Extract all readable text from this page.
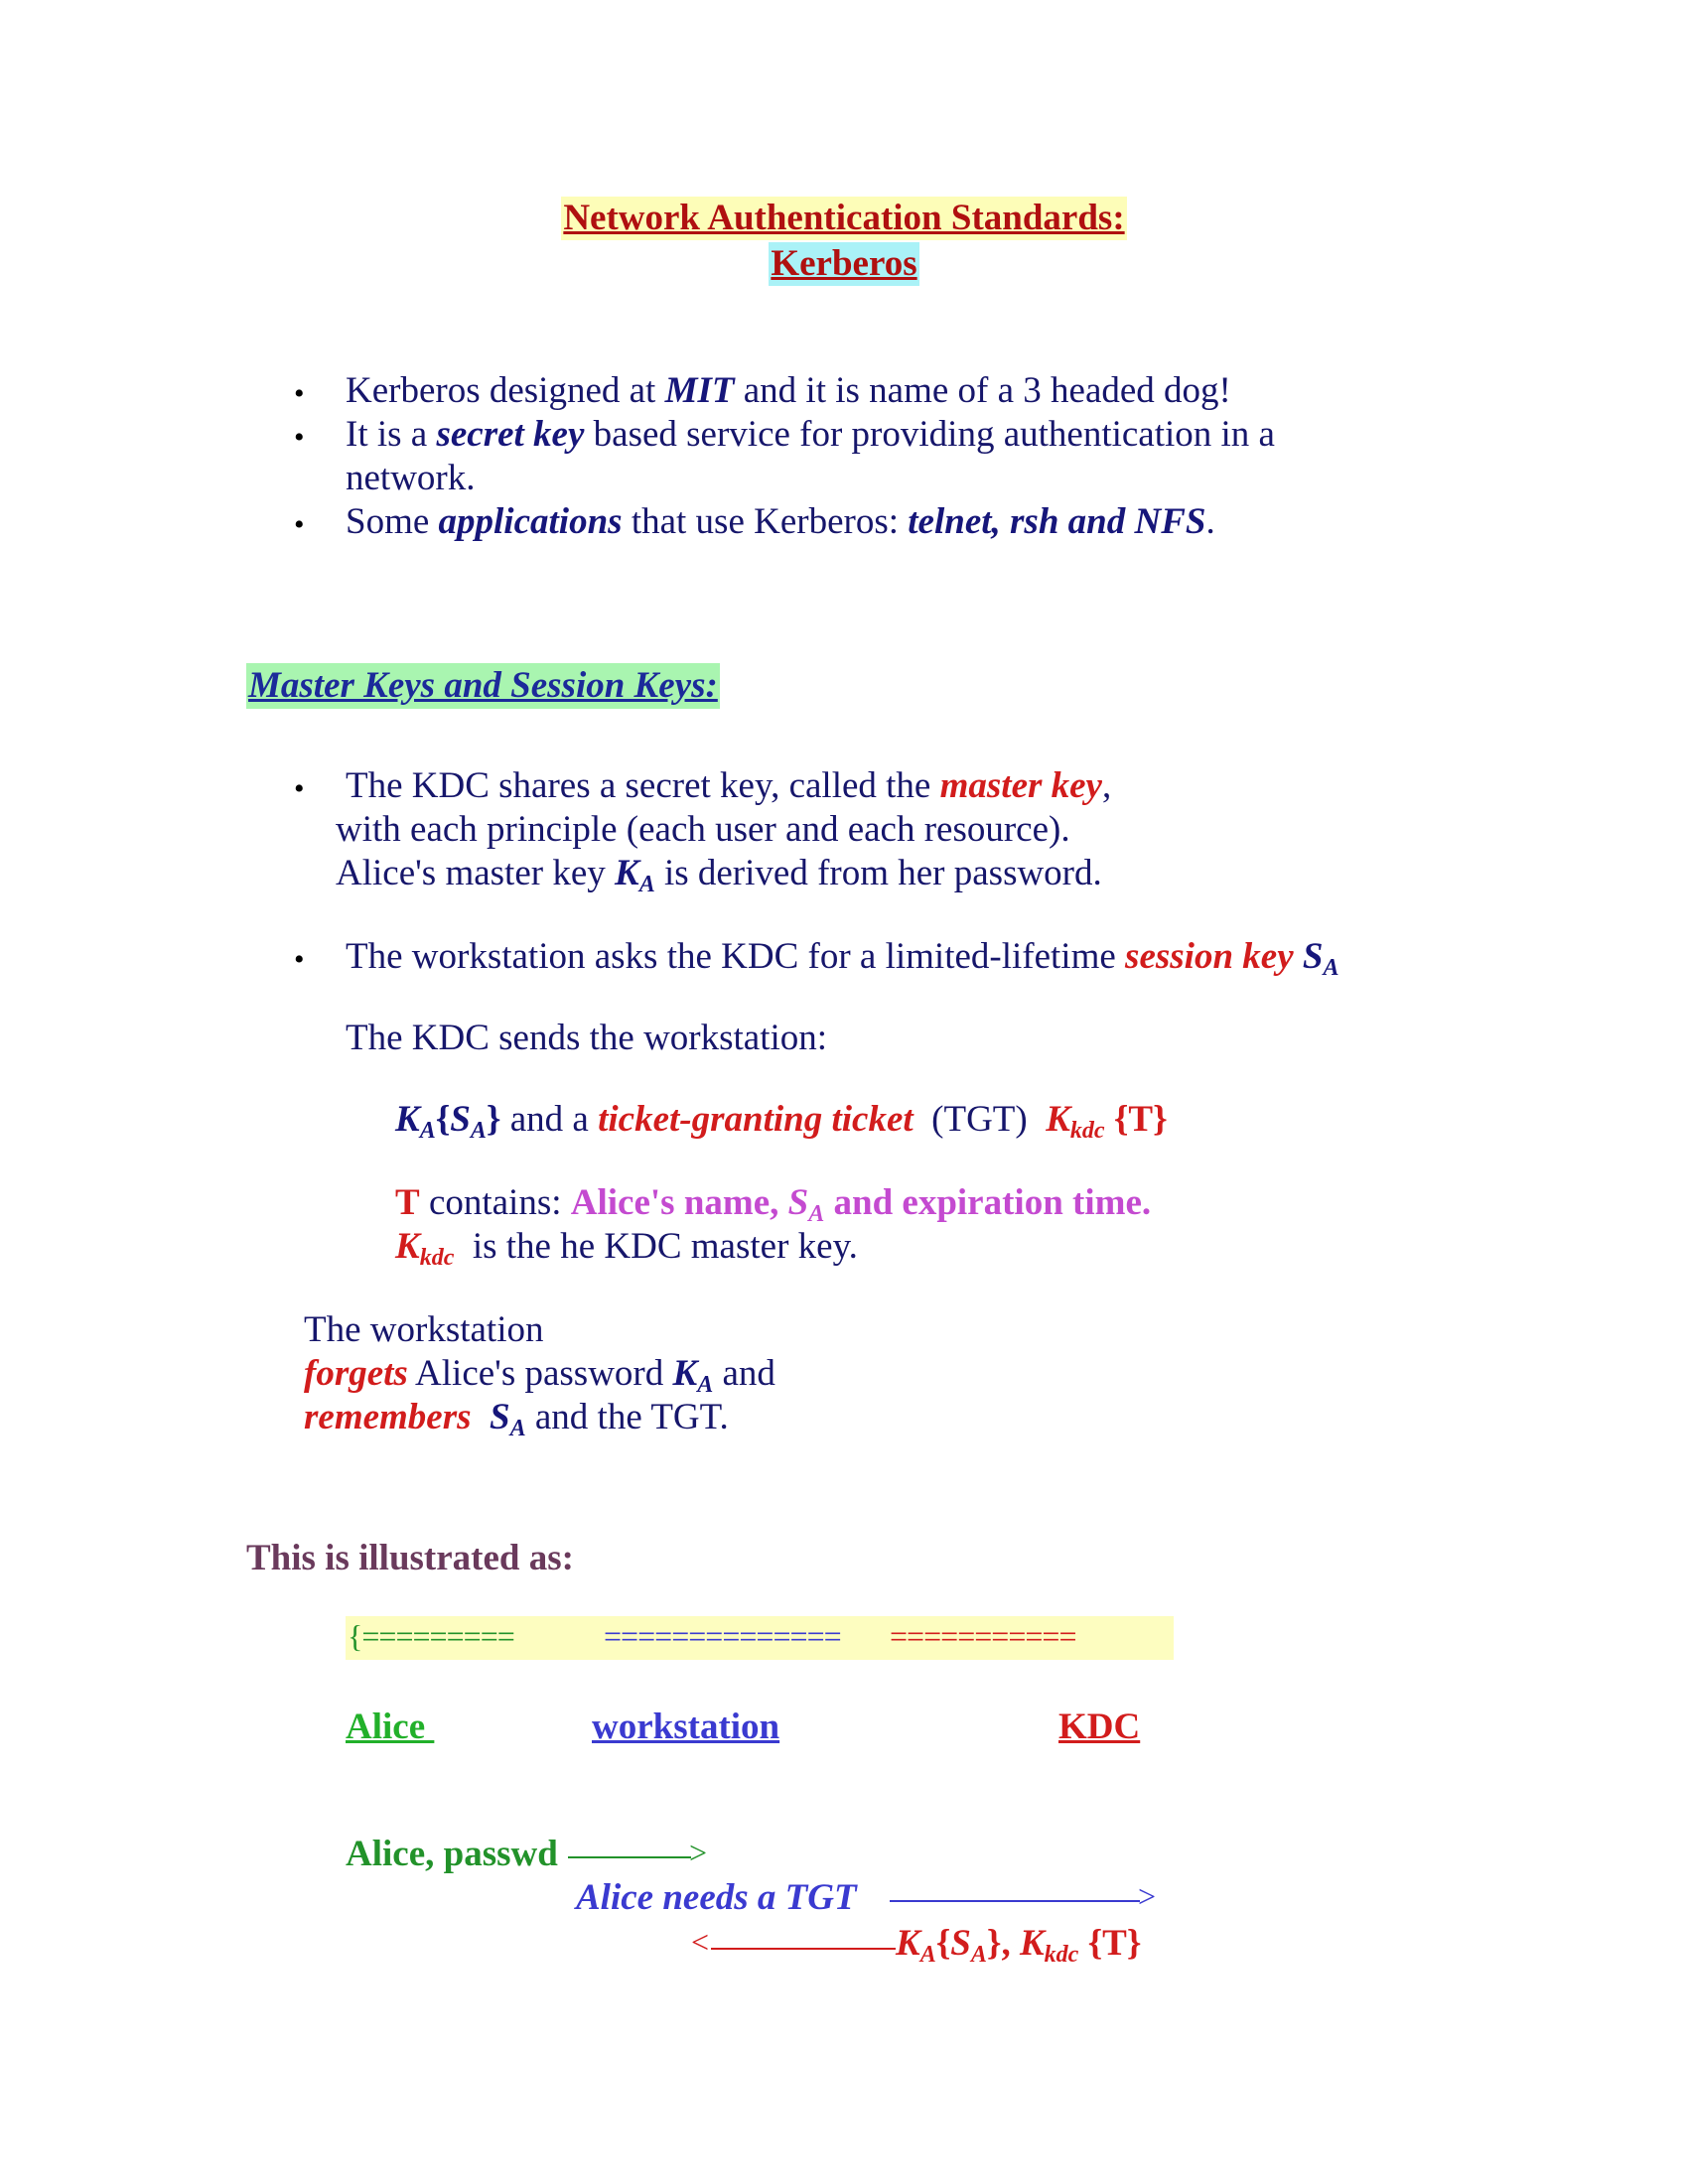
Network Authentication Standards:
Kerberos
• Kerberos designed at MIT and it is name of a 3 headed dog!
• It is a secret key based service for providing authentication in a
network.
• Some applications that use Kerberos: telnet, rsh and NFS.
Master Keys and Session Keys:
• The KDC shares a secret key, called the master key,
with each principle (each user and each resource).
Alice's master key $K_A$ is derived from her password.
• The workstation asks the KDC for a limited-lifetime session key $S_A$
The KDC sends the workstation:
$K_A\{S_A\}$ and a ticket-granting ticket  (TGT)  $K_{kdc}$ {T}
T contains: Alice's name, $S_A$ and expiration time.
$K_{kdc}$  is the he KDC master key.
The workstation
forgets Alice's password $K_A$ and
remembers $S_A$ and the TGT.
This is illustrated as:
{=========	============== ===========
Alice	workstation	KDC
Alice, passwd	>
Alice needs a TGT	>
<	$K_A\{S_A\}$, $K_{kdc}$ {T}
